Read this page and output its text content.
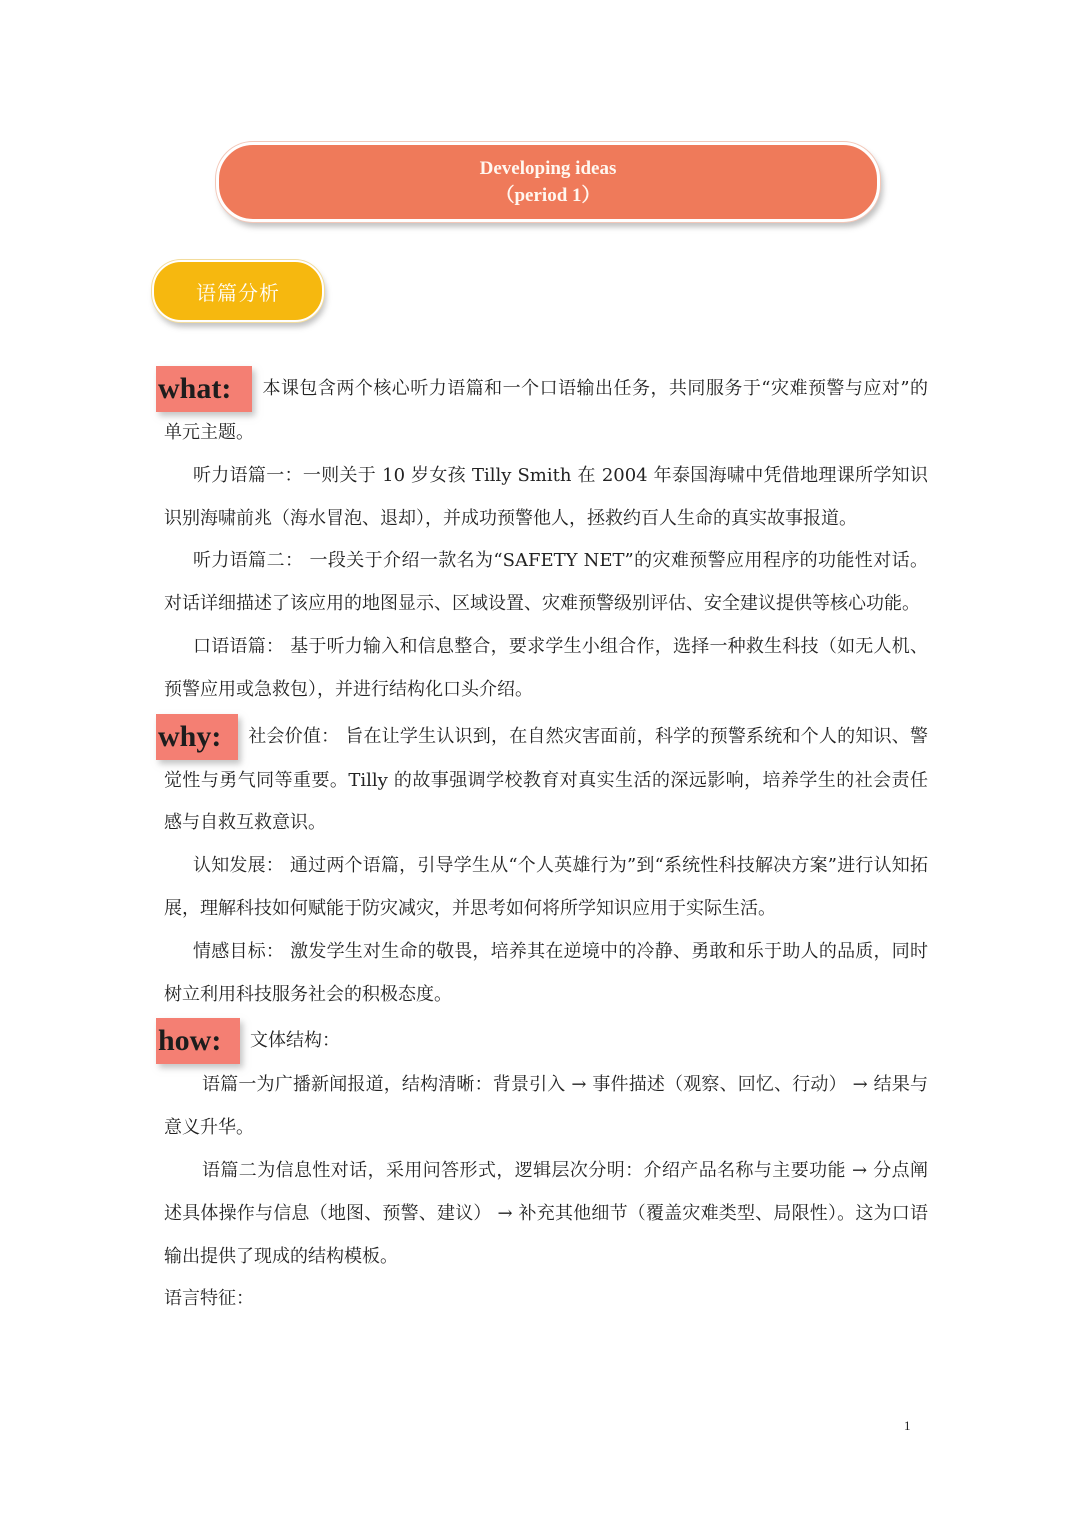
Developing ideas
（period 1）
语篇分析

what: 本课包含两个核心听力语篇和一个口语输出任务，共同服务于“灾难预警与应对”的单元主题。

听力语篇一：一则关于 10 岁女孩 Tilly Smith 在 2004 年泰国海啸中凭借地理课所学知识识别海啸前兆（海水冒泡、退却），并成功预警他人，拯救约百人生命的真实故事报道。

听力语篇二： 一段关于介绍一款名为“SAFETY NET”的灾难预警应用程序的功能性对话。对话详细描述了该应用的地图显示、区域设置、灾难预警级别评估、安全建议提供等核心功能。

口语语篇： 基于听力输入和信息整合，要求学生小组合作，选择一种救生科技（如无人机、预警应用或急救包），并进行结构化口头介绍。

why: 社会价值： 旨在让学生认识到，在自然灾害面前，科学的预警系统和个人的知识、警觉性与勇气同等重要。Tilly 的故事强调学校教育对真实生活的深远影响，培养学生的社会责任感与自救互救意识。

认知发展： 通过两个语篇，引导学生从“个人英雄行为”到“系统性科技解决方案”进行认知拓展，理解科技如何赋能于防灾减灾，并思考如何将所学知识应用于实际生活。

情感目标： 激发学生对生命的敬畏，培养其在逆境中的冷静、勇敢和乐于助人的品质，同时树立利用科技服务社会的积极态度。

how: 文体结构：

语篇一为广播新闻报道，结构清晰：背景引入 → 事件描述（观察、回忆、行动） → 结果与意义升华。

语篇二为信息性对话，采用问答形式，逻辑层次分明：介绍产品名称与主要功能 → 分点阐述具体操作与信息（地图、预警、建议） → 补充其他细节（覆盖灾难类型、局限性）。这为口语输出提供了现成的结构模板。

语言特征：

1
